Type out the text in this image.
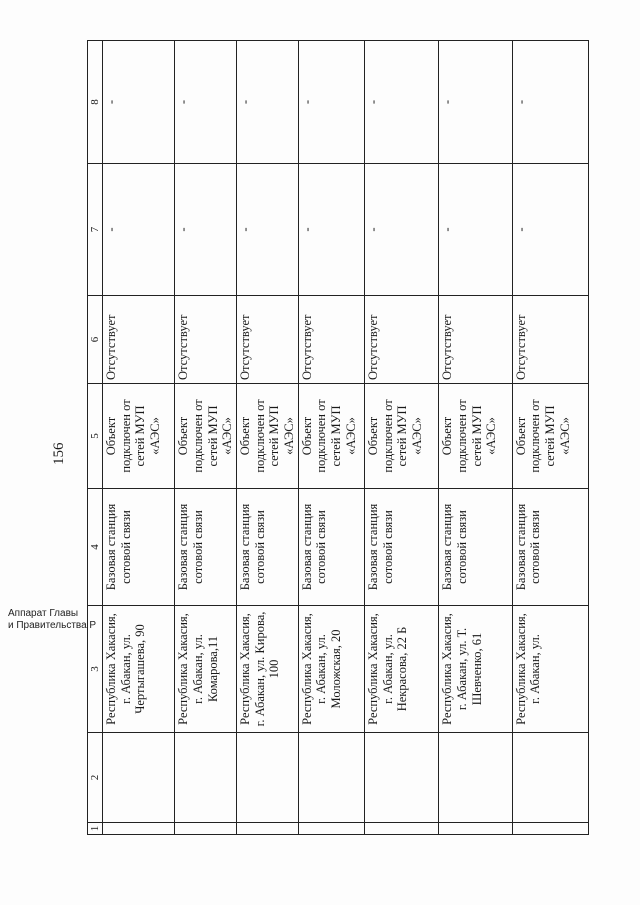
156
1	2	3	4	5	6	7	8
		Республика Хакасия, г. Абакан, ул. Чертыгашева, 90	Базовая станция сотовой связи	Объект подключен от сетей МУП «АЭС»	Отсутствует	-	-
		Республика Хакасия, г. Абакан, ул. Комарова,11	Базовая станция сотовой связи	Объект подключен от сетей МУП «АЭС»	Отсутствует	-	-
		Республика Хакасия, г. Абакан, ул. Кирова, 100	Базовая станция сотовой связи	Объект подключен от сетей МУП «АЭС»	Отсутствует	-	-
		Республика Хакасия, г. Абакан, ул. Моложская, 20	Базовая станция сотовой связи	Объект подключен от сетей МУП «АЭС»	Отсутствует	-	-
		Республика Хакасия, г. Абакан, ул. Некрасова, 22 Б	Базовая станция сотовой связи	Объект подключен от сетей МУП «АЭС»	Отсутствует	-	-
		Республика Хакасия, г. Абакан, ул. Т. Шевченко, 61	Базовая станция сотовой связи	Объект подключен от сетей МУП «АЭС»	Отсутствует	-	-
		Республика Хакасия, г. Абакан, ул.	Базовая станция сотовой связи	Объект подключен от сетей МУП «АЭС»	Отсутствует	-	-
Аппарат Главы
и Правительства Р
